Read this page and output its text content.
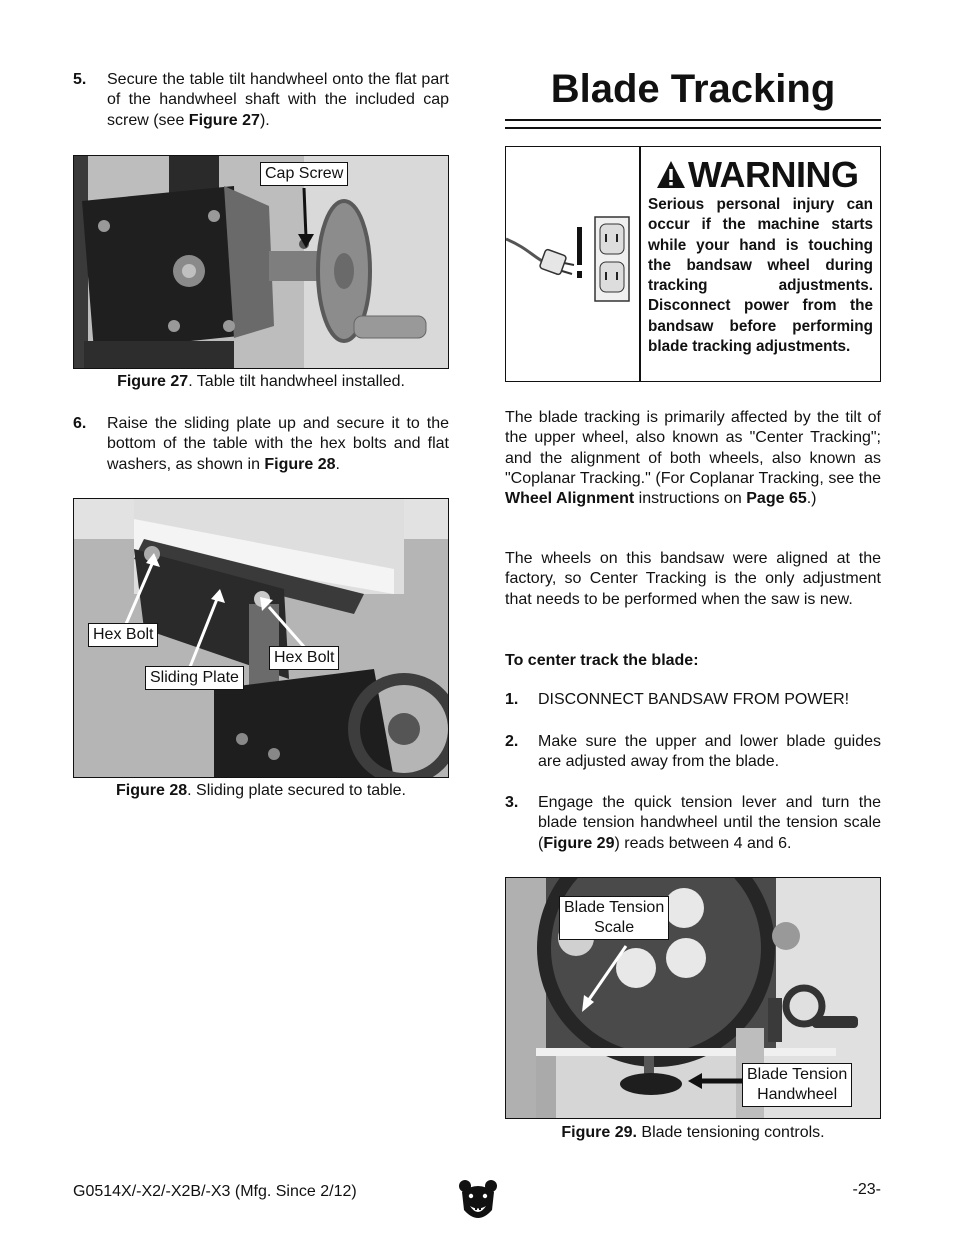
5. Secure the table tilt handwheel onto the flat part of the handwheel shaft with the included cap screw (see Figure 27).
Cap Screw
Figure 27. Table tilt handwheel installed.
6. Raise the sliding plate up and secure it to the bottom of the table with the hex bolts and flat washers, as shown in Figure 28.
Hex Bolt
Hex Bolt
Sliding Plate
Figure 28. Sliding plate secured to table.
Blade Tracking
WARNING
Serious personal injury can occur if the machine starts while your hand is touching the bandsaw wheel during tracking adjustments. Disconnect power from the bandsaw before performing blade tracking adjustments.
The blade tracking is primarily affected by the tilt of the upper wheel, also known as "Center Tracking"; and the alignment of both wheels, also known as "Coplanar Tracking." (For Coplanar Tracking, see the Wheel Alignment instructions on Page 65.)
The wheels on this bandsaw were aligned at the factory, so Center Tracking is the only adjustment that needs to be performed when the saw is new.
To center track the blade:
1. DISCONNECT BANDSAW FROM POWER!
2. Make sure the upper and lower blade guides are adjusted away from the blade.
3. Engage the quick tension lever and turn the blade tension handwheel until the tension scale (Figure 29) reads between 4 and 6.
Blade Tension
Scale
Blade Tension
Handwheel
Figure 29. Blade tensioning controls.
G0514X/-X2/-X2B/-X3 (Mfg. Since 2/12)	-23-
